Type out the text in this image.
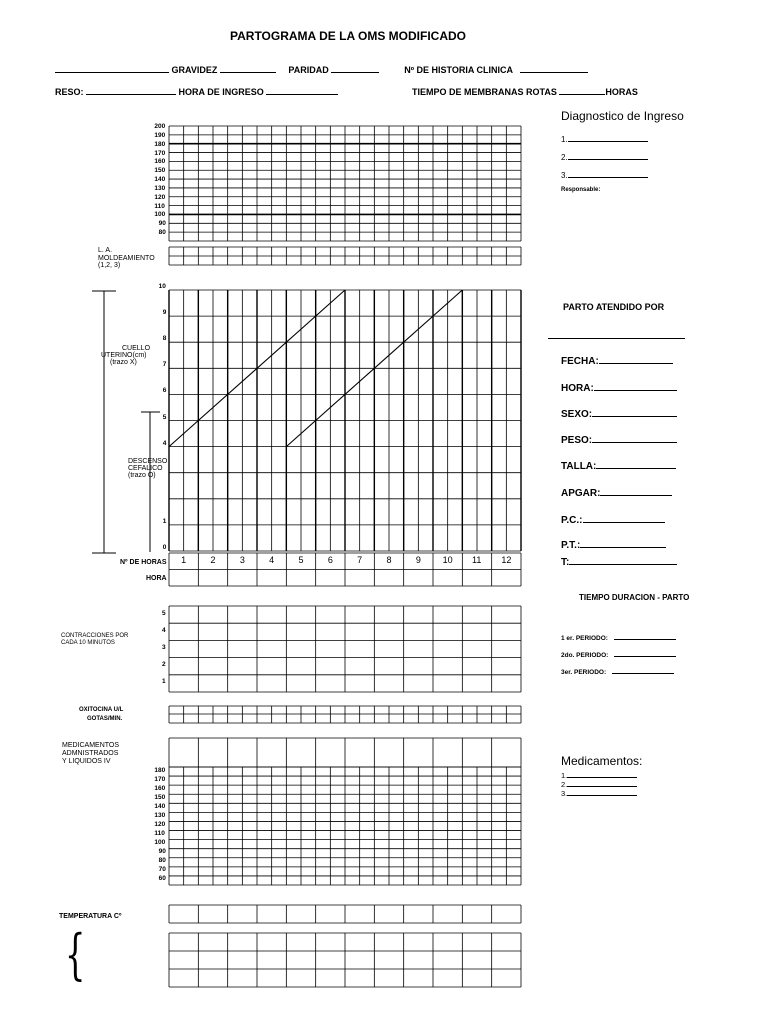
PARTOGRAMA DE LA OMS MODIFICADO
GRAVIDEZ	PARIDAD	Nº DE HISTORIA CLINICA
RESO:	HORA DE INGRESO	TIEMPO DE MEMBRANAS ROTAS	HORAS
200
190
180
170
160
150
140
130
120
110
100
90
80
L. A.
MOLDEAMIENTO
(1,2, 3)
10
9
8
7
6
5
4
1
0
CUELLO
UTERINO(cm)
(trazo X)
DESCENSO
CEFALICO
(trazo O)
Nº DE HORAS
HORA
1	2	3	4	5	6	7	8	9 10 11 12
CONTRACCIONES POR
CADA 10 MINUTOS
5
4
3
2
1
OXITOCINA U/L
GOTAS/MIN.
MEDICAMENTOS
ADMNISTRADOS
Y LIQUIDOS IV
180
170
160
150
140
130
120
110
100
90
80
70
60
TEMPERATURA Cº
{
Diagnostico de Ingreso
1.
2.
3.
Responsable:
PARTO ATENDIDO POR
FECHA:
HORA:
SEXO:
PESO:
TALLA:
APGAR:
P.C.:
P.T.:
T:
TIEMPO DURACION - PARTO
1 er. PERIODO:
2do. PERIODO:
3er. PERIODO:
Medicamentos:
1.
2.
3.
